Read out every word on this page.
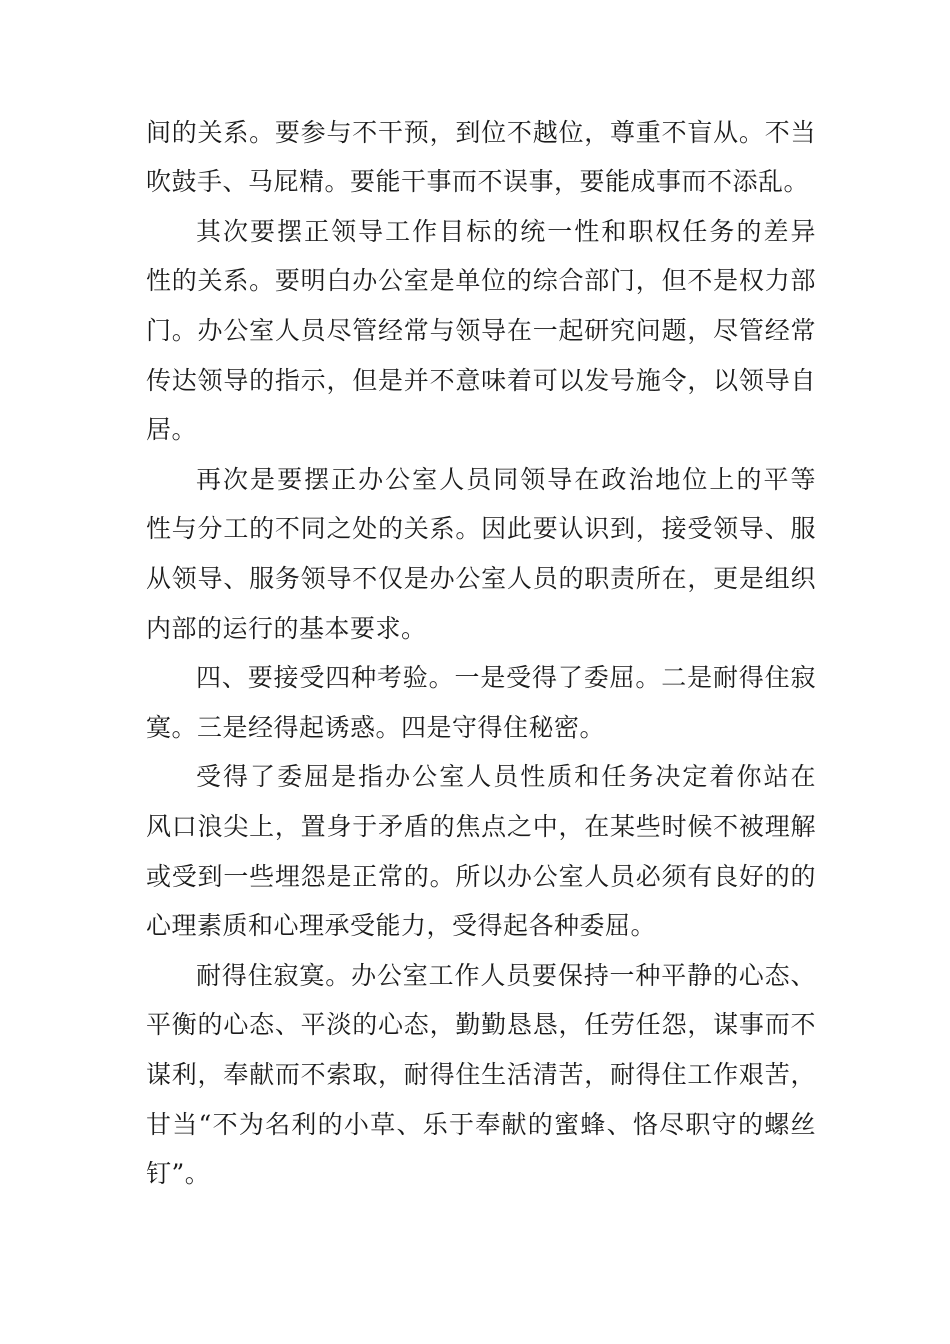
间的关系。要参与不干预，到位不越位，尊重不盲从。不当
吹鼓手、马屁精。要能干事而不误事，要能成事而不添乱。
其次要摆正领导工作目标的统一性和职权任务的差异
性的关系。要明白办公室是单位的综合部门，但不是权力部
门。办公室人员尽管经常与领导在一起研究问题，尽管经常
传达领导的指示，但是并不意味着可以发号施令，以领导自
居。
再次是要摆正办公室人员同领导在政治地位上的平等
性与分工的不同之处的关系。因此要认识到，接受领导、服
从领导、服务领导不仅是办公室人员的职责所在，更是组织
内部的运行的基本要求。
四、要接受四种考验。一是受得了委屈。二是耐得住寂
寞。三是经得起诱惑。四是守得住秘密。
受得了委屈是指办公室人员性质和任务决定着你站在
风口浪尖上，置身于矛盾的焦点之中，在某些时候不被理解
或受到一些埋怨是正常的。所以办公室人员必须有良好的的
心理素质和心理承受能力，受得起各种委屈。
耐得住寂寞。办公室工作人员要保持一种平静的心态、
平衡的心态、平淡的心态，勤勤恳恳，任劳任怨，谋事而不
谋利，奉献而不索取，耐得住生活清苦，耐得住工作艰苦，
甘当“不为名利的小草、乐于奉献的蜜蜂、恪尽职守的螺丝
钉”。
